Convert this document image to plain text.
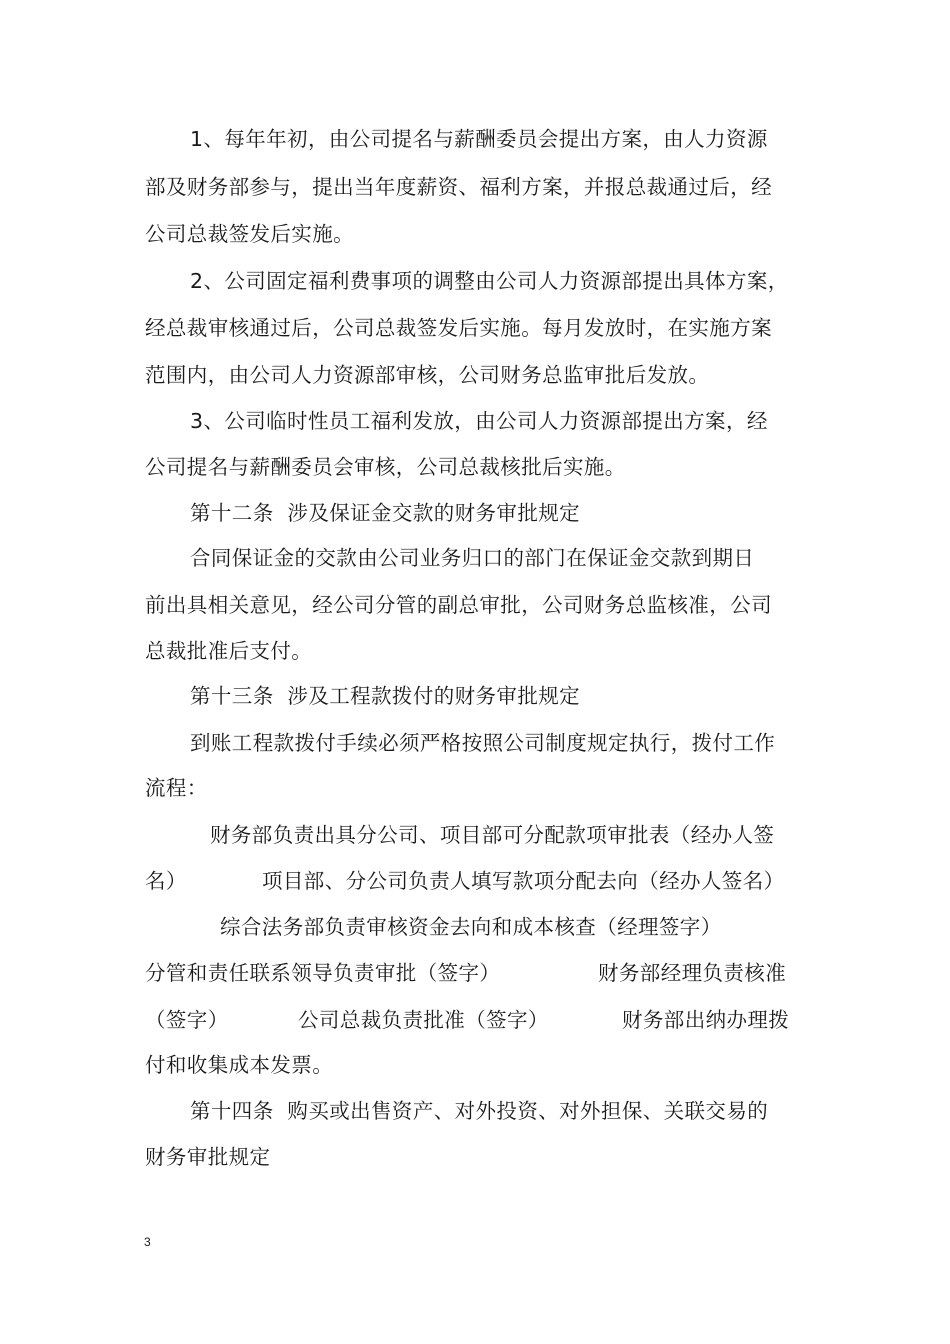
1、每年年初，由公司提名与薪酬委员会提出方案，由人力资源
部及财务部参与，提出当年度薪资、福利方案，并报总裁通过后，经
公司总裁签发后实施。
2、公司固定福利费事项的调整由公司人力资源部提出具体方案，
经总裁审核通过后，公司总裁签发后实施。每月发放时，在实施方案
范围内，由公司人力资源部审核，公司财务总监审批后发放。
3、公司临时性员工福利发放，由公司人力资源部提出方案，经
公司提名与薪酬委员会审核，公司总裁核批后实施。
第十二条  涉及保证金交款的财务审批规定
合同保证金的交款由公司业务归口的部门在保证金交款到期日
前出具相关意见，经公司分管的副总审批，公司财务总监核准，公司
总裁批准后支付。
第十三条  涉及工程款拨付的财务审批规定
到账工程款拨付手续必须严格按照公司制度规定执行，拨付工作
流程：
财务部负责出具分公司、项目部可分配款项审批表（经办人签
名）	项目部、分公司负责人填写款项分配去向（经办人签名）
综合法务部负责审核资金去向和成本核查（经理签字）
分管和责任联系领导负责审批（签字）	财务部经理负责核准
（签字）	公司总裁负责批准（签字）	财务部出纳办理拨
付和收集成本发票。
第十四条  购买或出售资产、对外投资、对外担保、关联交易的
财务审批规定
3
